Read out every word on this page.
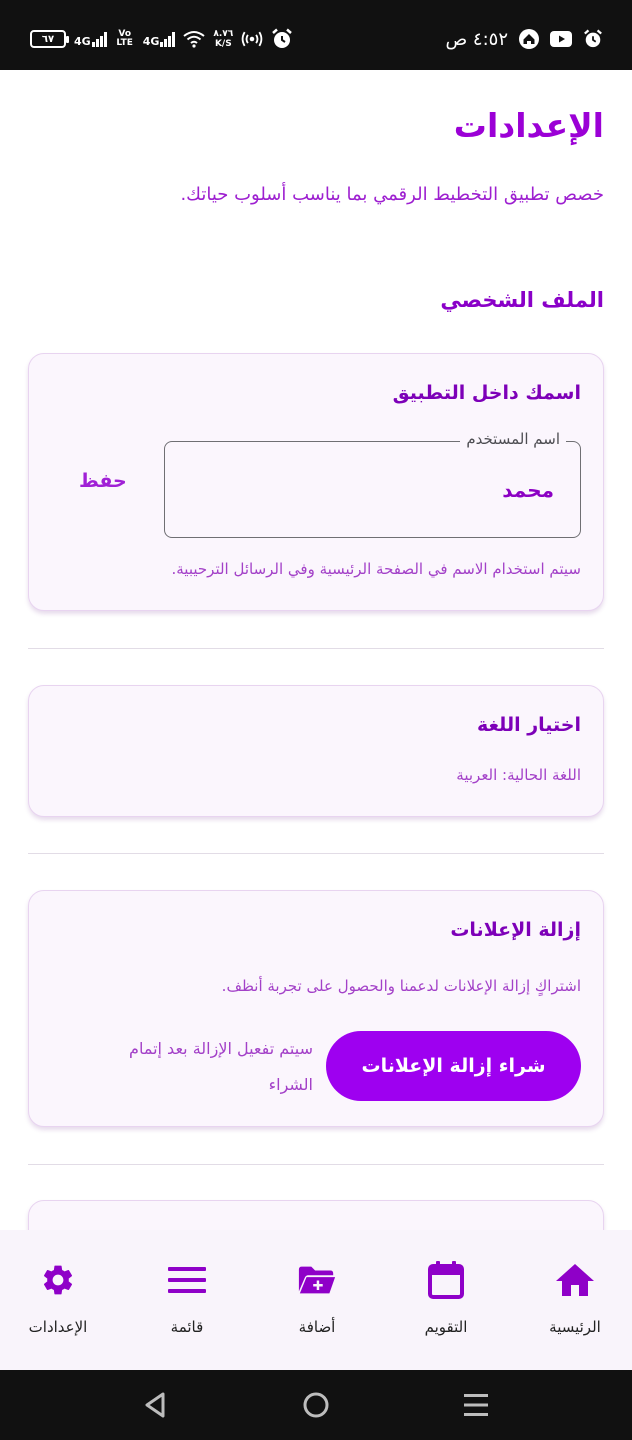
٦٧ 4G
Vo LTE 4G
٨.٧٦
K/S	٤:٥٢ ص
الإعدادات

خصص تطبيق التخطيط الرقمي بما يناسب أسلوب حياتك.

الملف الشخصي
اسمك داخل التطبيق
اسم المستخدم
محمد
حفظ
سيتم استخدام الاسم في الصفحة الرئيسية وفي الرسائل الترحيبية.
اختيار اللغة
اللغة الحالية: العربية
إزالة الإعلانات
اشتراكٍ إزالة الإعلانات لدعمنا والحصول على تجربة أنظف.
شراء إزالة الإعلانات
سيتم تفعيل الإزالة بعد إتمام الشراء
الإعدادات	قائمة	أضافة	التقويم	الرئيسية
